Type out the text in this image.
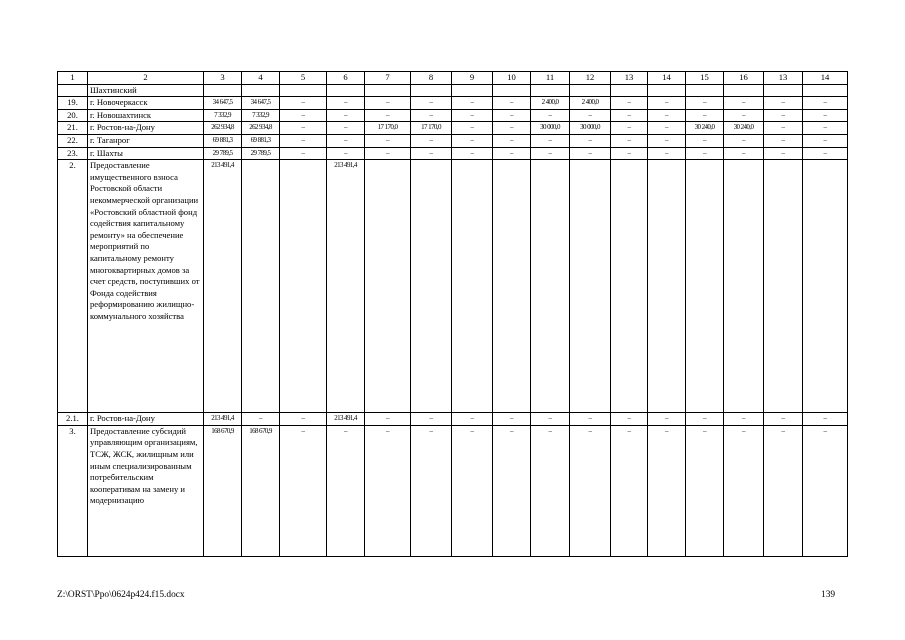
1	2	3	4	5	6	7	8	9	10	11	12	13	14	15	16	13	14
	Шахтинский																
19.	г. Новочеркасск	34 647,5	34 647,5	–	–	–	–	–	–	2 400,0	2 400,0	–	–	–	–	–	–
20.	г. Новошахтинск	7 332,9	7 332,9	–	–	–	–	–	–	–	–	–	–	–	–	–	–
21.	г. Ростов-на-Дону	262 934,8	262 934,8	–	–	17 170,0	17 170,0	–	–	30 000,0	30 000,0	–	–	30 240,0	30 240,0	–	–
22.	г. Таганрог	69 881,3	69 881,3	–	–	–	–	–	–	–	–	–	–	–	–	–	–
23.	г. Шахты	29 789,5	29 789,5	–	–	–	–	–	–	–	–	–	–	–	–	–	–
2.	Предоставление имущественного взноса Ростовской области некоммерческой организации «Ростовский областной фонд содействия капитальному ремонту» на обеспечение мероприятий по капитальному ремонту многоквартирных домов за счет средств, поступивших от Фонда содействия реформированию жилищно-коммунального хозяйства	213 491,4			213 491,4												
2.1.	г. Ростов-на-Дону	213 491,4	–	–	213 491,4	–	–	–	–	–	–	–	–	–	–	–	–
3.	Предоставление субсидий управляющим организациям, ТСЖ, ЖСК, жилищным или иным специализированным потребительским кооперативам на замену и модернизацию	168 670,9	168 670,9	–	–	–	–	–	–	–	–	–	–	–	–	–	–
Z:\ORST\Ppo\0624p424.f15.docx	139
